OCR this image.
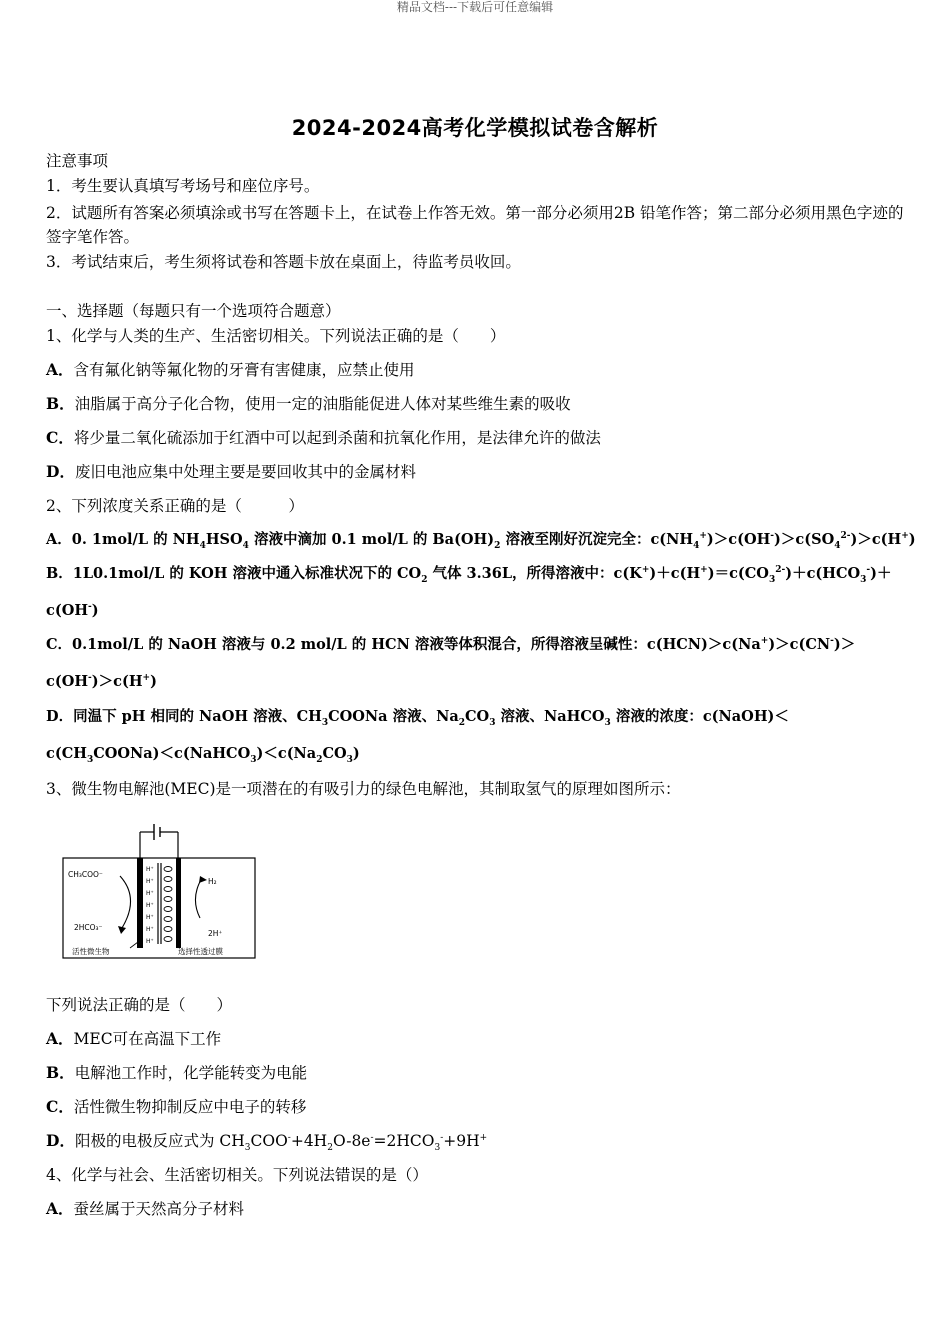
精品文档---下载后可任意编辑
2024-2024高考化学模拟试卷含解析
注意事项
1．考生要认真填写考场号和座位序号。
2．试题所有答案必须填涂或书写在答题卡上，在试卷上作答无效。第一部分必须用2B 铅笔作答；第二部分必须用黑色字迹的签字笔作答。
3．考试结束后，考生须将试卷和答题卡放在桌面上，待监考员收回。
一、选择题（每题只有一个选项符合题意）
1、化学与人类的生产、生活密切相关。下列说法正确的是（　　）
A．含有氟化钠等氟化物的牙膏有害健康，应禁止使用
B．油脂属于高分子化合物，使用一定的油脂能促进人体对某些维生素的吸收
C．将少量二氧化硫添加于红酒中可以起到杀菌和抗氧化作用，是法律允许的做法
D．废旧电池应集中处理主要是要回收其中的金属材料
2、下列浓度关系正确的是（　　　）
A．0. 1mol/L 的 $NH_4HSO_4$ 溶液中滴加 0.1 mol/L 的 $Ba(OH)_2$ 溶液至刚好沉淀完全：$c(NH_4^+)>c(OH^-)>c(SO_4^{2-})>c(H^+)$
B．1L0.1mol/L 的 KOH 溶液中通入标准状况下的 $CO_2$ 气体 3.36L，所得溶液中：$c(K^+)+c(H^+)=c(CO_3^{2-})+c(HCO_3^-)+$
c(OH-)
C．0.1mol/L 的 NaOH 溶液与 0.2 mol/L 的 HCN 溶液等体积混合，所得溶液呈碱性：c(HCN)＞c(Na+)＞c(CN-)＞
c(OH-)＞c(H+)
D．同温下 pH 相同的 NaOH 溶液、$CH_3COONa$ 溶液、$Na_2CO_3$ 溶液、NaHCO$_3$ 溶液的浓度：c(NaOH)＜
$c(CH_3COONa)<c(NaHCO_3)<c(Na_2CO_3)$
3、微生物电解池(MEC)是一项潜在的有吸引力的绿色电解池，其制取氢气的原理如图所示：
H⁺
H⁺
H⁺
H⁺
H⁺
H⁺
H⁺
CH₃COO⁻
2HCO₃⁻
H₂
2H⁺
活性微生物	选择性透过膜
下列说法正确的是（　　）
A．MEC可在高温下工作
B．电解池工作时，化学能转变为电能
C．活性微生物抑制反应中电子的转移
D．阳极的电极反应式为 $CH_3COO^-+4H_2O-8e^-=2HCO_3^-+9H^+$
4、化学与社会、生活密切相关。下列说法错误的是（）
A．蚕丝属于天然高分子材料
